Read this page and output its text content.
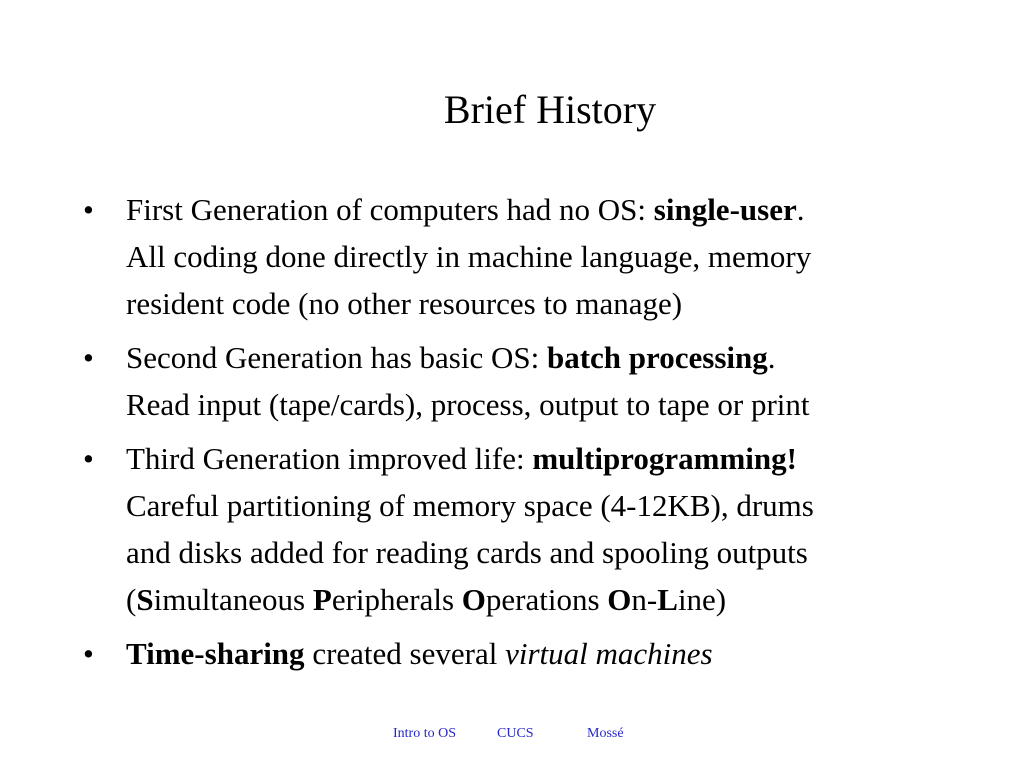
Brief History
• First Generation of computers had no OS: single-user.
All coding done directly in machine language, memory
resident code (no other resources to manage)
• Second Generation has basic OS: batch processing.
Read input (tape/cards), process, output to tape or print
• Third Generation improved life: multiprogramming!
Careful partitioning of memory space (4-12KB), drums
and disks added for reading cards and spooling outputs
(Simultaneous Peripherals Operations On-Line)
• Time-sharing created several virtual machines
Intro to OS	CUCS	Mossé
